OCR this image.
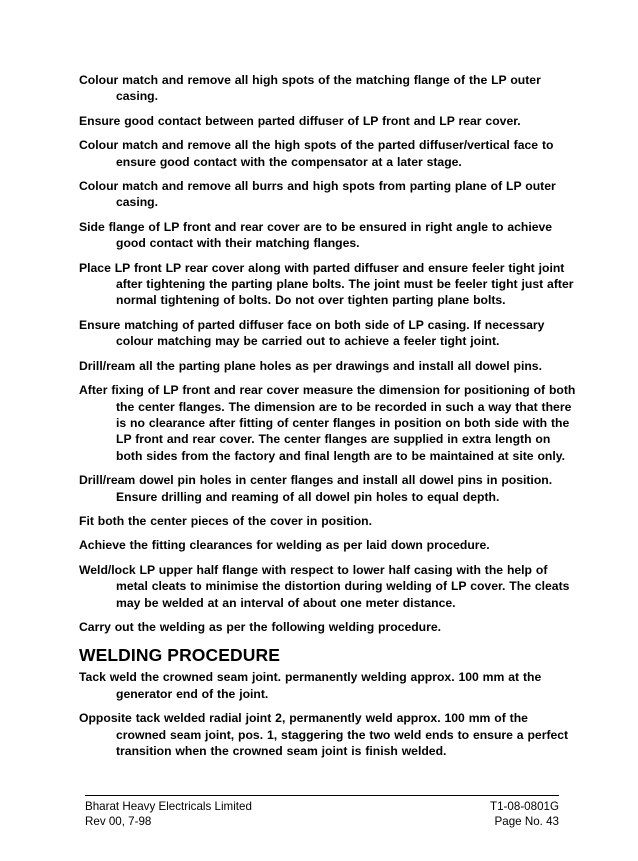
Colour match and remove all high spots of the matching flange of the LP outer casing.

Ensure good contact between parted diffuser of LP front and LP rear cover.

Colour match and remove all the high spots of the parted diffuser/vertical face to ensure good contact with the compensator at a later stage.

Colour match and remove all burrs and high spots from parting plane of LP outer casing.

Side flange of LP front and rear cover are to be ensured in right angle to achieve good contact with their matching flanges.

Place LP front LP rear cover along with parted diffuser and ensure feeler tight joint after tightening the parting plane bolts. The joint must be feeler tight just after normal tightening of bolts. Do not over tighten parting plane bolts.

Ensure matching of parted diffuser face on both side of LP casing. If necessary colour matching may be carried out to achieve a feeler tight joint.

Drill/ream all the parting plane holes as per drawings and install all dowel pins.

After fixing of LP front and rear cover measure the dimension for positioning of both the center flanges. The dimension are to be recorded in such a way that there is no clearance after fitting of center flanges in position on both side with the LP front and rear cover. The center flanges are supplied in extra length on both sides from the factory and final length are to be maintained at site only.

Drill/ream dowel pin holes in center flanges and install all dowel pins in position. Ensure drilling and reaming of all dowel pin holes to equal depth.

Fit both the center pieces of the cover in position.

Achieve the fitting clearances for welding as per laid down procedure.

Weld/lock LP upper half flange with respect to lower half casing with the help of metal cleats to minimise the distortion during welding of LP cover. The cleats may be welded at an interval of about one meter distance.

Carry out the welding as per the following welding procedure.

WELDING PROCEDURE

Tack weld the crowned seam joint. permanently welding approx. 100 mm at the generator end of the joint.

Opposite tack welded radial joint 2, permanently weld approx. 100 mm of the crowned seam joint, pos. 1, staggering the two weld ends to ensure a perfect transition when the crowned seam joint is finish welded.

Bharat Heavy Electricals Limited	T1-08-0801G
Rev 00, 7-98	Page No. 43
